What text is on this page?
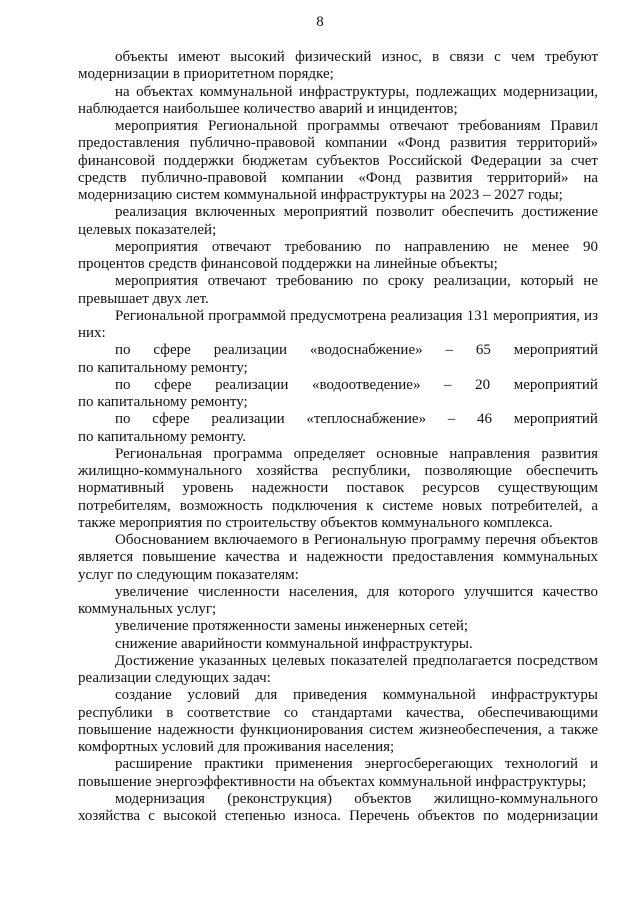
8

объекты имеют высокий физический износ, в связи с чем требуют модернизации в приоритетном порядке;

на объектах коммунальной инфраструктуры, подлежащих модернизации, наблюдается наибольшее количество аварий и инцидентов;

мероприятия Региональной программы отвечают требованиям Правил предоставления публично-правовой компании «Фонд развития территорий» финансовой поддержки бюджетам субъектов Российской Федерации за счет средств публично-правовой компании «Фонд развития территорий» на модернизацию систем коммунальной инфраструктуры на 2023 – 2027 годы;

реализация включенных мероприятий позволит обеспечить достижение целевых показателей;

мероприятия отвечают требованию по направлению не менее 90 процентов средств финансовой поддержки на линейные объекты;

мероприятия отвечают требованию по сроку реализации, который не превышает двух лет.

Региональной программой предусмотрена реализация 131 мероприятия, из них:

по сфере реализации «водоснабжение» – 65 мероприятий

по капитальному ремонту;

по сфере реализации «водоотведение» – 20 мероприятий

по капитальному ремонту;

по сфере реализации «теплоснабжение» – 46 мероприятий

по капитальному ремонту.

Региональная программа определяет основные направления развития жилищно-коммунального хозяйства республики, позволяющие обеспечить нормативный уровень надежности поставок ресурсов существующим потребителям, возможность подключения к системе новых потребителей, а также мероприятия по строительству объектов коммунального комплекса.

Обоснованием включаемого в Региональную программу перечня объектов является повышение качества и надежности предоставления коммунальных услуг по следующим показателям:

увеличение численности населения, для которого улучшится качество коммунальных услуг;

увеличение протяженности замены инженерных сетей;

снижение аварийности коммунальной инфраструктуры.

Достижение указанных целевых показателей предполагается посредством реализации следующих задач:

создание условий для приведения коммунальной инфраструктуры республики в соответствие со стандартами качества, обеспечивающими повышение надежности функционирования систем жизнеобеспечения, а также комфортных условий для проживания населения;

расширение практики применения энергосберегающих технологий и повышение энергоэффективности на объектах коммунальной инфраструктуры;

модернизация (реконструкция) объектов жилищно-коммунального хозяйства с высокой степенью износа. Перечень объектов по модернизации
